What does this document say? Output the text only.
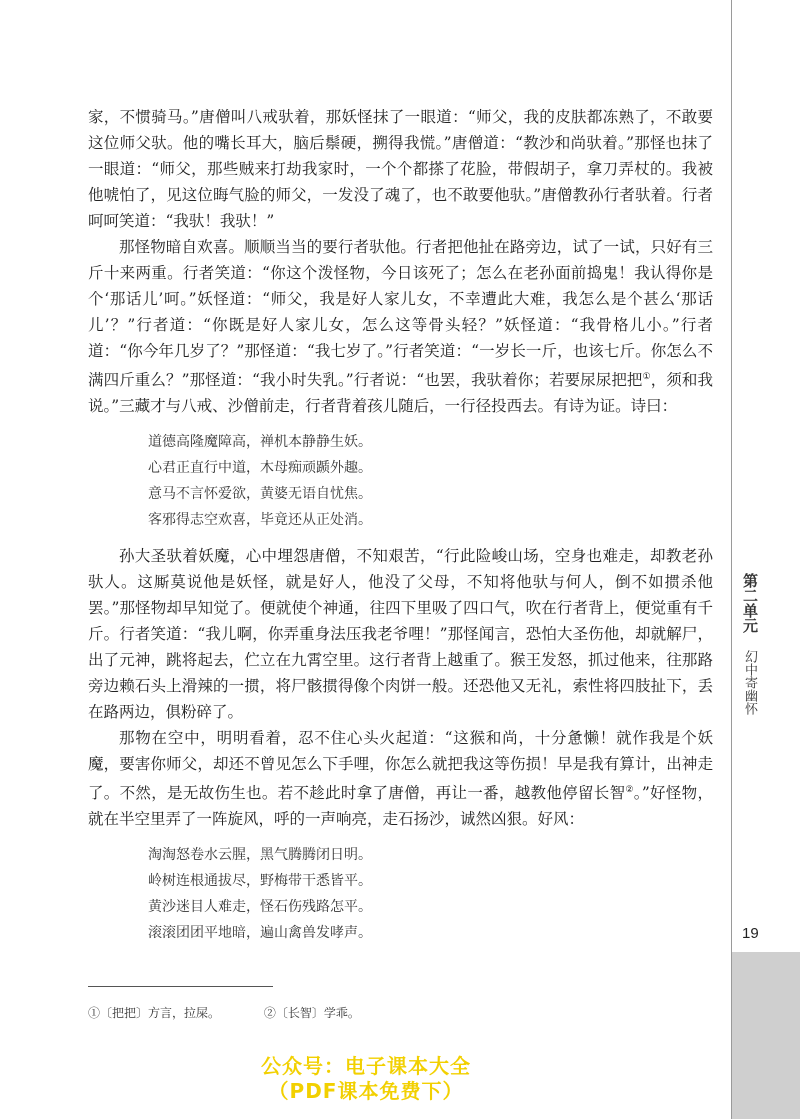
第二单元
幻中寄幽怀
19

家，不惯骑马。”唐僧叫八戒驮着，那妖怪抹了一眼道：“师父，我的皮肤都冻熟了，不敢要这位师父驮。他的嘴长耳大，脑后鬃硬，搠得我慌。”唐僧道：“教沙和尚驮着。”那怪也抹了一眼道：“师父，那些贼来打劫我家时，一个个都搽了花脸，带假胡子，拿刀弄杖的。我被他唬怕了，见这位晦气脸的师父，一发没了魂了，也不敢要他驮。”唐僧教孙行者驮着。行者呵呵笑道：“我驮！我驮！”

那怪物暗自欢喜。顺顺当当的要行者驮他。行者把他扯在路旁边，试了一试，只好有三斤十来两重。行者笑道：“你这个泼怪物，今日该死了；怎么在老孙面前捣鬼！我认得你是个‘那话儿’呵。”妖怪道：“师父，我是好人家儿女，不幸遭此大难，我怎么是个甚么‘那话儿’？”行者道：“你既是好人家儿女，怎么这等骨头轻？”妖怪道：“我骨格儿小。”行者道：“你今年几岁了？”那怪道：“我七岁了。”行者笑道：“一岁长一斤，也该七斤。你怎么不满四斤重么？”那怪道：“我小时失乳。”行者说：“也罢，我驮着你；若要尿尿把把①，须和我说。”三藏才与八戒、沙僧前走，行者背着孩儿随后，一行径投西去。有诗为证。诗曰：

道德高隆魔障高，禅机本静静生妖。
心君正直行中道，木母痴顽踬外趣。
意马不言怀爱欲，黄婆无语自忧焦。
客邪得志空欢喜，毕竟还从正处消。

孙大圣驮着妖魔，心中埋怨唐僧，不知艰苦，“行此险峻山场，空身也难走，却教老孙驮人。这厮莫说他是妖怪，就是好人，他没了父母，不知将他驮与何人，倒不如掼杀他罢。”那怪物却早知觉了。便就使个神通，往四下里吸了四口气，吹在行者背上，便觉重有千斤。行者笑道：“我儿啊，你弄重身法压我老爷哩！”那怪闻言，恐怕大圣伤他，却就解尸，出了元神，跳将起去，伫立在九霄空里。这行者背上越重了。猴王发怒，抓过他来，往那路旁边赖石头上滑辣的一掼，将尸骸掼得像个肉饼一般。还恐他又无礼，索性将四肢扯下，丢在路两边，俱粉碎了。

那物在空中，明明看着，忍不住心头火起道：“这猴和尚，十分惫懒！就作我是个妖魔，要害你师父，却还不曾见怎么下手哩，你怎么就把我这等伤损！早是我有算计，出神走了。不然，是无故伤生也。若不趁此时拿了唐僧，再让一番，越教他停留长智②。”好怪物，就在半空里弄了一阵旋风，呼的一声响亮，走石扬沙，诚然凶狠。好风：

淘淘怒卷水云腥，黑气腾腾闭日明。
岭树连根通拔尽，野梅带干悉皆平。
黄沙迷目人难走，怪石伤残路怎平。
滚滚团团平地暗，遍山禽兽发哮声。
①〔把把〕方言，拉屎。	②〔长智〕学乖。
公众号：电子课本大全
（PDF课本免费下）
